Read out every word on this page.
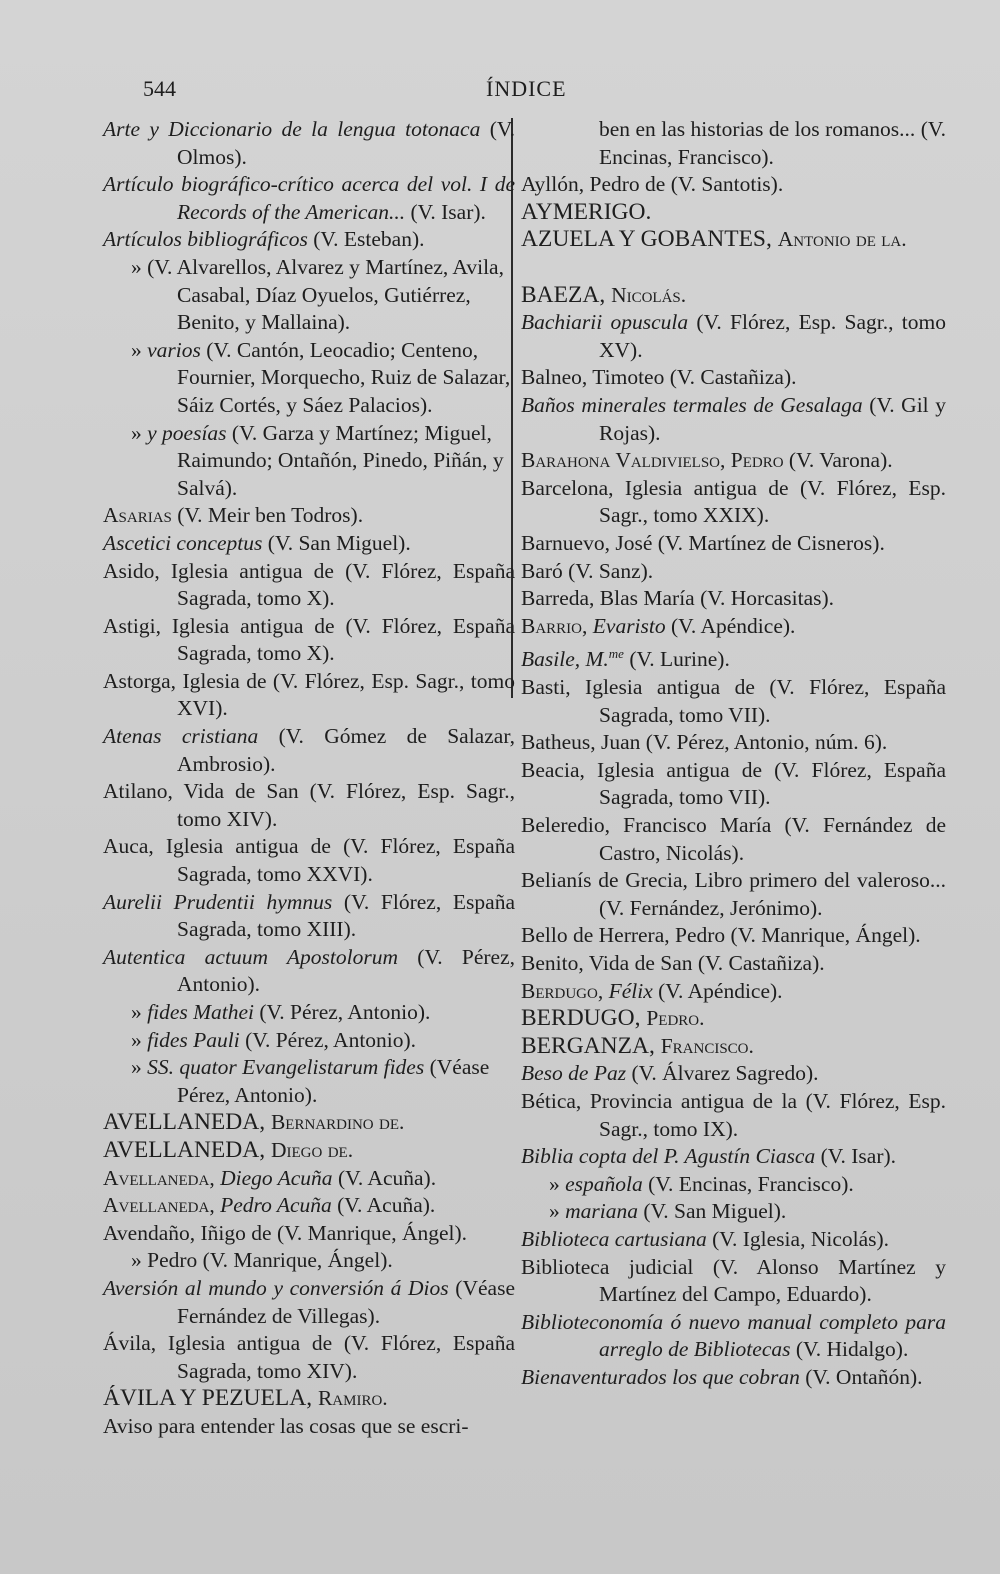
544	ÍNDICE
Arte y Diccionario de la lengua totonaca (V. Olmos).
Artículo biográfico-crítico acerca del vol. I de Records of the American... (V. Isar).
Artículos bibliográficos (V. Esteban).
» (V. Alvarellos, Alvarez y Martínez, Avila, Casabal, Díaz Oyuelos, Gutiérrez, Benito, y Mallaina).
» varios (V. Cantón, Leocadio; Centeno, Fournier, Morquecho, Ruiz de Salazar, Sáiz Cortés, y Sáez Palacios).
» y poesías (V. Garza y Martínez; Miguel, Raimundo; Ontañón, Pinedo, Piñán, y Salvá).
Asarias (V. Meir ben Todros).
Ascetici conceptus (V. San Miguel).
Asido, Iglesia antigua de (V. Flórez, España Sagrada, tomo X).
Astigi, Iglesia antigua de (V. Flórez, España Sagrada, tomo X).
Astorga, Iglesia de (V. Flórez, Esp. Sagr., tomo XVI).
Atenas cristiana (V. Gómez de Salazar, Ambrosio).
Atilano, Vida de San (V. Flórez, Esp. Sagr., tomo XIV).
Auca, Iglesia antigua de (V. Flórez, España Sagrada, tomo XXVI).
Aurelii Prudentii hymnus (V. Flórez, España Sagrada, tomo XIII).
Autentica actuum Apostolorum (V. Pérez, Antonio).
» fides Mathei (V. Pérez, Antonio).
» fides Pauli (V. Pérez, Antonio).
» SS. quator Evangelistarum fides (Véase Pérez, Antonio).
AVELLANEDA, Bernardino de.
AVELLANEDA, Diego de.
Avellaneda, Diego Acuña (V. Acuña).
Avellaneda, Pedro Acuña (V. Acuña).
Avendaño, Iñigo de (V. Manrique, Ángel).
» Pedro (V. Manrique, Ángel).
Aversión al mundo y conversión á Dios (Véase Fernández de Villegas).
Ávila, Iglesia antigua de (V. Flórez, España Sagrada, tomo XIV).
ÁVILA Y PEZUELA, Ramiro.
Aviso para entender las cosas que se escri-
ben en las historias de los romanos... (V. Encinas, Francisco).
Ayllón, Pedro de (V. Santotis).
AYMERIGO.
AZUELA Y GOBANTES, Antonio de la.
BAEZA, Nicolás.
Bachiarii opuscula (V. Flórez, Esp. Sagr., tomo XV).
Balneo, Timoteo (V. Castañiza).
Baños minerales termales de Gesalaga (V. Gil y Rojas).
Barahona Valdivielso, Pedro (V. Varona).
Barcelona, Iglesia antigua de (V. Flórez, Esp. Sagr., tomo XXIX).
Barnuevo, José (V. Martínez de Cisneros).
Baró (V. Sanz).
Barreda, Blas María (V. Horcasitas).
Barrio, Evaristo (V. Apéndice).
Basile, M.$^{me}$ (V. Lurine).
Basti, Iglesia antigua de (V. Flórez, España Sagrada, tomo VII).
Batheus, Juan (V. Pérez, Antonio, núm. 6).
Beacia, Iglesia antigua de (V. Flórez, España Sagrada, tomo VII).
Beleredio, Francisco María (V. Fernández de Castro, Nicolás).
Belianís de Grecia, Libro primero del valeroso... (V. Fernández, Jerónimo).
Bello de Herrera, Pedro (V. Manrique, Ángel).
Benito, Vida de San (V. Castañiza).
Berdugo, Félix (V. Apéndice).
BERDUGO, Pedro.
BERGANZA, Francisco.
Beso de Paz (V. Álvarez Sagredo).
Bética, Provincia antigua de la (V. Flórez, Esp. Sagr., tomo IX).
Biblia copta del P. Agustín Ciasca (V. Isar).
» española (V. Encinas, Francisco).
» mariana (V. San Miguel).
Biblioteca cartusiana (V. Iglesia, Nicolás).
Biblioteca judicial (V. Alonso Martínez y Martínez del Campo, Eduardo).
Biblioteconomía ó nuevo manual completo para arreglo de Bibliotecas (V. Hidalgo).
Bienaventurados los que cobran (V. Ontañón).
